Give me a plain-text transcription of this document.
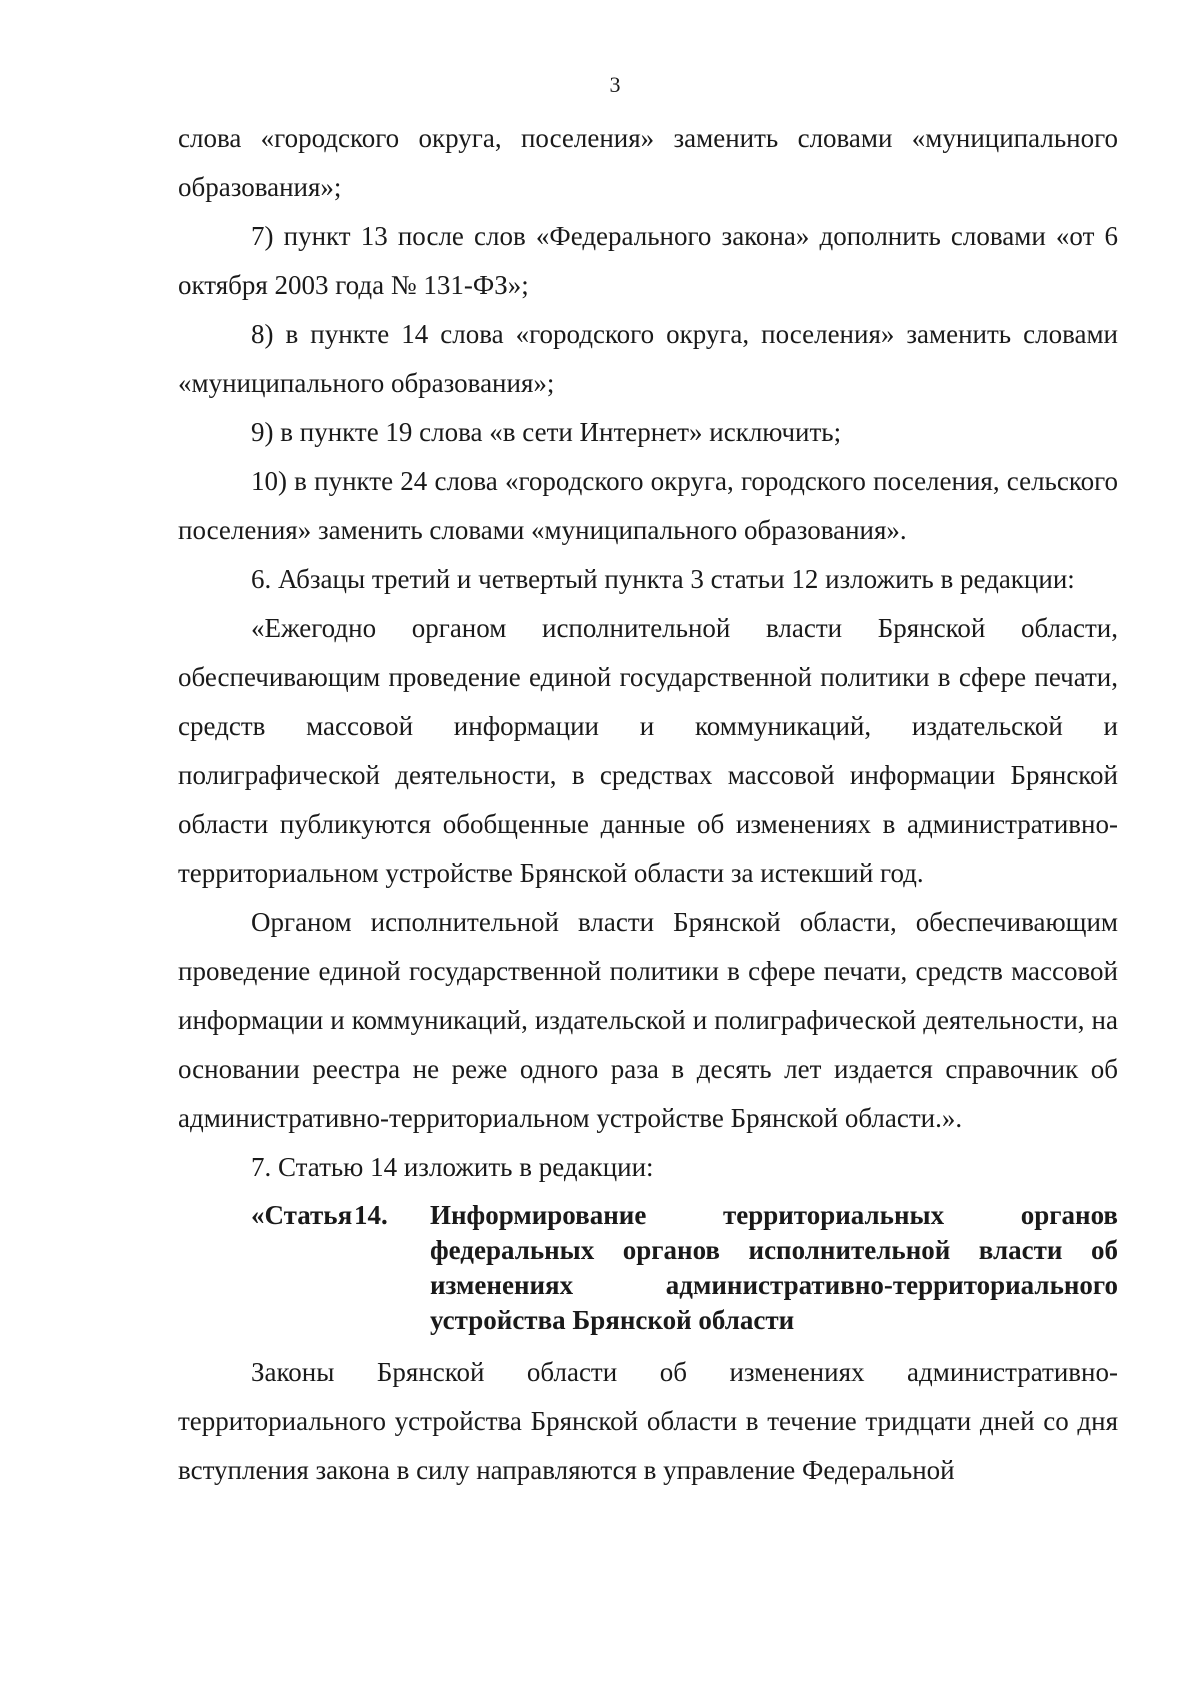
3

слова «городского округа, поселения» заменить словами «муниципального образования»;

7) пункт 13 после слов «Федерального закона» дополнить словами «от 6 октября 2003 года № 131-ФЗ»;

8) в пункте 14 слова «городского округа, поселения» заменить словами «муниципального образования»;

9) в пункте 19 слова «в сети Интернет» исключить;

10) в пункте 24 слова «городского округа, городского поселения, сельского поселения» заменить словами «муниципального образования».

6. Абзацы третий и четвертый пункта 3 статьи 12 изложить в редакции:

«Ежегодно органом исполнительной власти Брянской области, обеспечивающим проведение единой государственной политики в сфере печати, средств массовой информации и коммуникаций, издательской и полиграфической деятельности, в средствах массовой информации Брянской области публикуются обобщенные данные об изменениях в административно-территориальном устройстве Брянской области за истекший год.

Органом исполнительной власти Брянской области, обеспечивающим проведение единой государственной политики в сфере печати, средств массовой информации и коммуникаций, издательской и полиграфической деятельности, на основании реестра не реже одного раза в десять лет издается справочник об административно-территориальном устройстве Брянской области.».

7. Статью 14 изложить в редакции:

«Статья 14.	Информирование территориальных органов федеральных органов исполнительной власти об изменениях административно-территориального устройства Брянской области

Законы Брянской области об изменениях административно-территориального устройства Брянской области в течение тридцати дней со дня вступления закона в силу направляются в управление Федеральной
